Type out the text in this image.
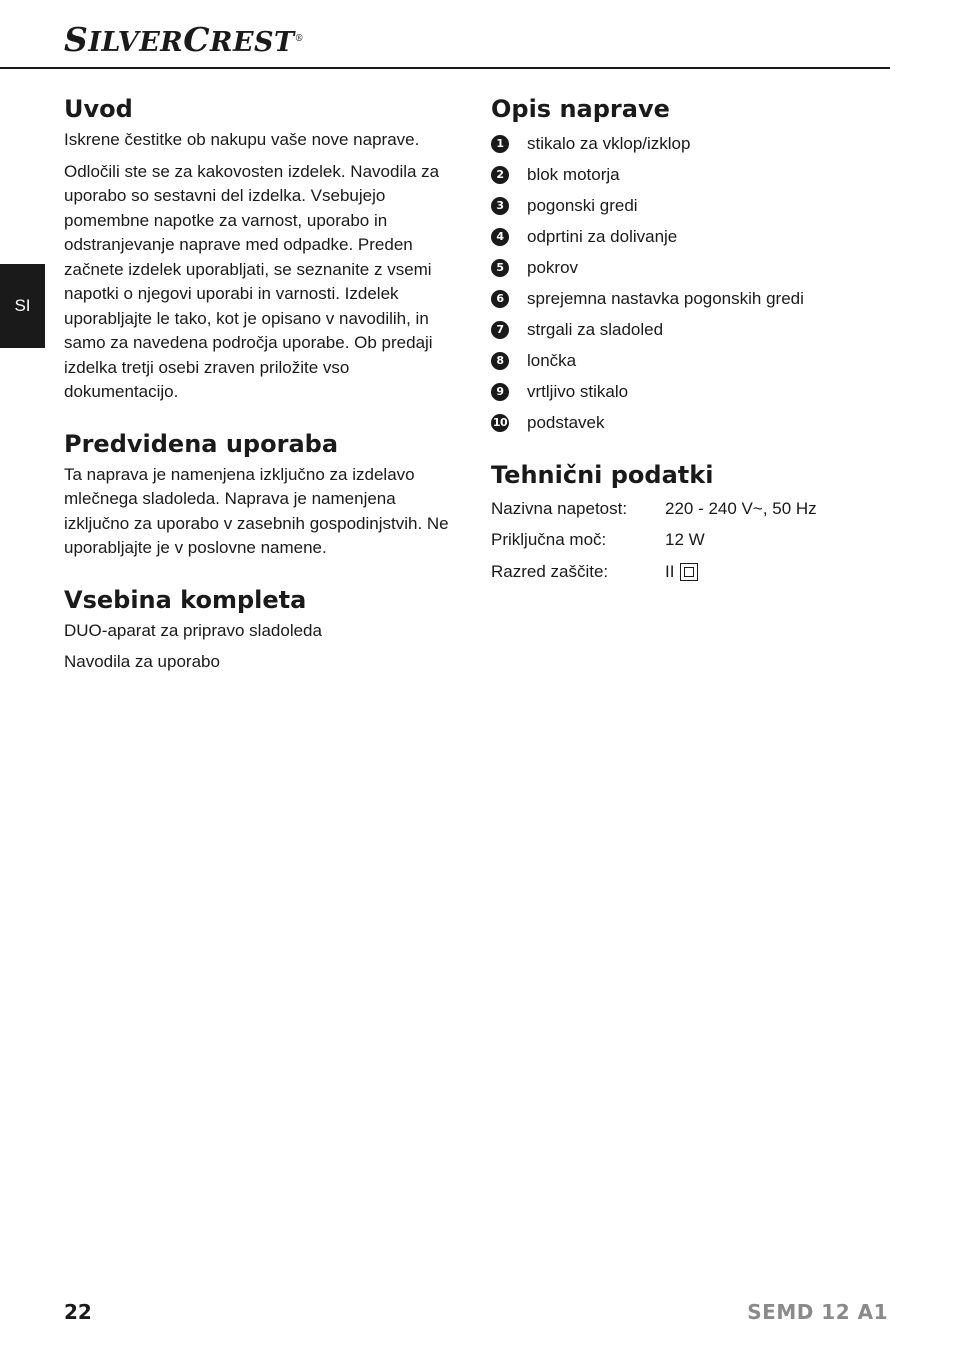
SILVERCREST®
SI
Uvod

Iskrene čestitke ob nakupu vaše nove naprave.

Odločili ste se za kakovosten izdelek. Navodila za uporabo so sestavni del izdelka. Vsebujejo pomembne napotke za varnost, uporabo in odstranjevanje naprave med odpadke. Preden začnete izdelek uporabljati, se seznanite z vsemi napotki o njegovi uporabi in varnosti. Izdelek uporabljajte le tako, kot je opisano v navodilih, in samo za navedena področja uporabe. Ob predaji izdelka tretji osebi zraven priložite vso dokumentacijo.

Predvidena uporaba

Ta naprava je namenjena izključno za izdelavo mlečnega sladoleda. Naprava je namenjena izključno za uporabo v zasebnih gospodinjstvih. Ne uporabljajte je v poslovne namene.

Vsebina kompleta

DUO-aparat za pripravo sladoleda

Navodila za uporabo

Opis naprave
1	stikalo za vklop/izklop
2	blok motorja
3	pogonski gredi
4	odprtini za dolivanje
5	pokrov
6	sprejemna nastavka pogonskih gredi
7	strgali za sladoled
8	lončka
9	vrtljivo stikalo
10 podstavek
Tehnični podatki
Nazivna napetost:	220 - 240 V~, 50 Hz
Priključna moč:	12 W
Razred zaščite:	II
22	SEMD 12 A1
